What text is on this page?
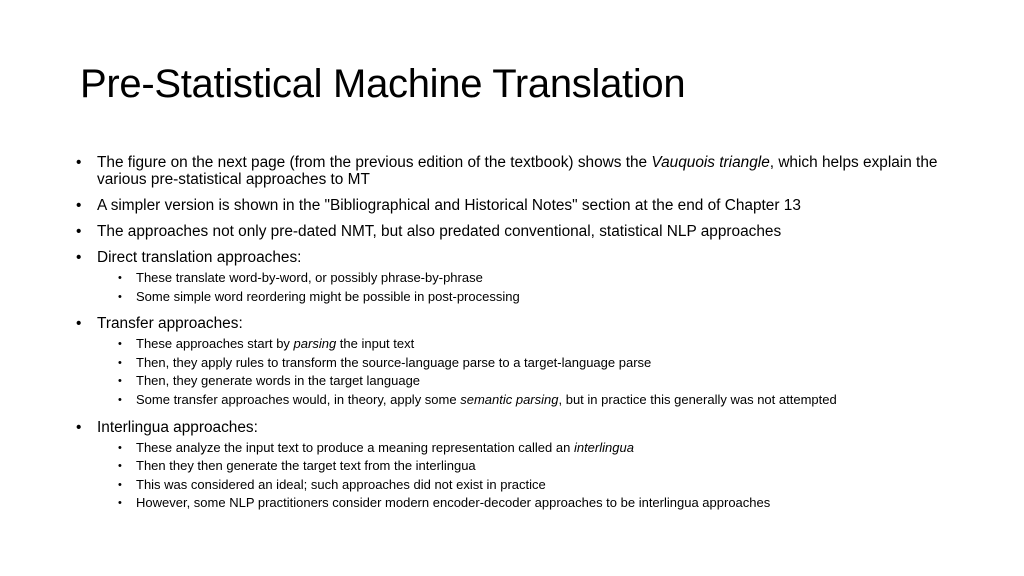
Pre-Statistical Machine Translation
• The figure on the next page (from the previous edition of the textbook) shows the Vauquois triangle, which helps explain the various pre-statistical approaches to MT
• A simpler version is shown in the "Bibliographical and Historical Notes" section at the end of Chapter 13
• The approaches not only pre-dated NMT, but also predated conventional, statistical NLP approaches
• Direct translation approaches:
• These translate word-by-word, or possibly phrase-by-phrase
• Some simple word reordering might be possible in post-processing
• Transfer approaches:
• These approaches start by parsing the input text
• Then, they apply rules to transform the source-language parse to a target-language parse
• Then, they generate words in the target language
• Some transfer approaches would, in theory, apply some semantic parsing, but in practice this generally was not attempted
• Interlingua approaches:
• These analyze the input text to produce a meaning representation called an interlingua
• Then they then generate the target text from the interlingua
• This was considered an ideal; such approaches did not exist in practice
• However, some NLP practitioners consider modern encoder-decoder approaches to be interlingua approaches
